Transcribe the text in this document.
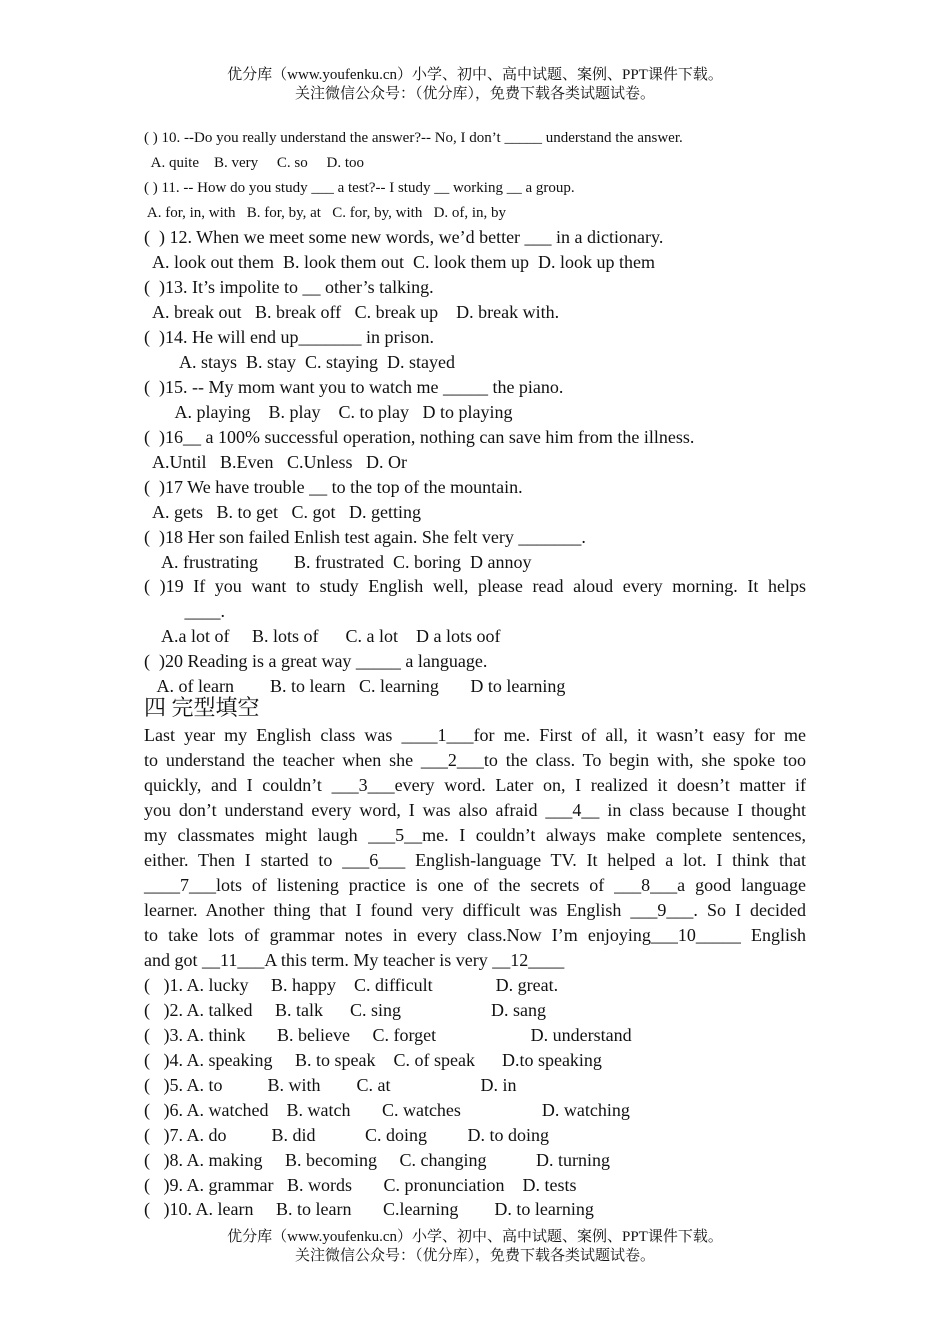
优分库（www.youfenku.cn）小学、初中、高中试题、案例、PPT课件下载。
关注微信公众号：（优分库），免费下载各类试题试卷。
( ) 10. --Do you really understand the answer?-- No, I don’t _____ understand the answer.
A. quite    B. very     C. so     D. too
( ) 11. -- How do you study ___ a test?-- I study __ working __ a group.
A. for, in, with   B. for, by, at   C. for, by, with   D. of, in, by
(  ) 12. When we meet some new words, we’d better ___ in a dictionary.
A. look out them  B. look them out  C. look them up  D. look up them
(  )13. It’s impolite to __ other’s talking.
A. break out   B. break off   C. break up    D. break with.
(  )14. He will end up_______ in prison.
A. stays  B. stay  C. staying  D. stayed
(  )15. -- My mom want you to watch me _____ the piano.
A. playing    B. play    C. to play   D to playing
(  )16__ a 100% successful operation, nothing can save him from the illness.
A.Until   B.Even   C.Unless   D. Or
(  )17 We have trouble __ to the top of the mountain.
A. gets   B. to get   C. got   D. getting
(  )18 Her son failed Enlish test again. She felt very _______.
A. frustrating        B. frustrated  C. boring  D annoy
( )19 If you want to study English well, please read aloud every morning. It helps
____.
A.a lot of     B. lots of      C. a lot    D a lots oof
(  )20 Reading is a great way _____ a language.
A. of learn        B. to learn   C. learning       D to learning
四 完型填空
Last year my English class was ____1___for me. First of all, it wasn’t easy for me
to understand the teacher when she ___2___to the class. To begin with, she spoke too
quickly, and I couldn’t ___3___every word. Later on, I realized it doesn’t matter if
you don’t understand every word, I was also afraid ___4__ in class because I thought
my classmates might laugh ___5__me. I couldn’t always make complete sentences,
either. Then I started to ___6___ English-language TV. It helped a lot. I think that
____7___lots of listening practice is one of the secrets of ___8___a good language
learner. Another thing that I found very difficult was English ___9___. So I decided
to take lots of grammar notes in every class.Now I’m enjoying___10_____ English
and got __11___A this term. My teacher is very __12____
(   )1. A. lucky     B. happy    C. difficult              D. great.
(   )2. A. talked     B. talk      C. sing                    D. sang
(   )3. A. think       B. believe     C. forget                     D. understand
(   )4. A. speaking     B. to speak    C. of speak      D.to speaking
(   )5. A. to          B. with        C. at                    D. in
(   )6. A. watched    B. watch       C. watches                  D. watching
(   )7. A. do          B. did           C. doing         D. to doing
(   )8. A. making     B. becoming     C. changing           D. turning
(   )9. A. grammar   B. words       C. pronunciation    D. tests
(   )10. A. learn     B. to learn       C.learning        D. to learning
优分库（www.youfenku.cn）小学、初中、高中试题、案例、PPT课件下载。
关注微信公众号：（优分库），免费下载各类试题试卷。
